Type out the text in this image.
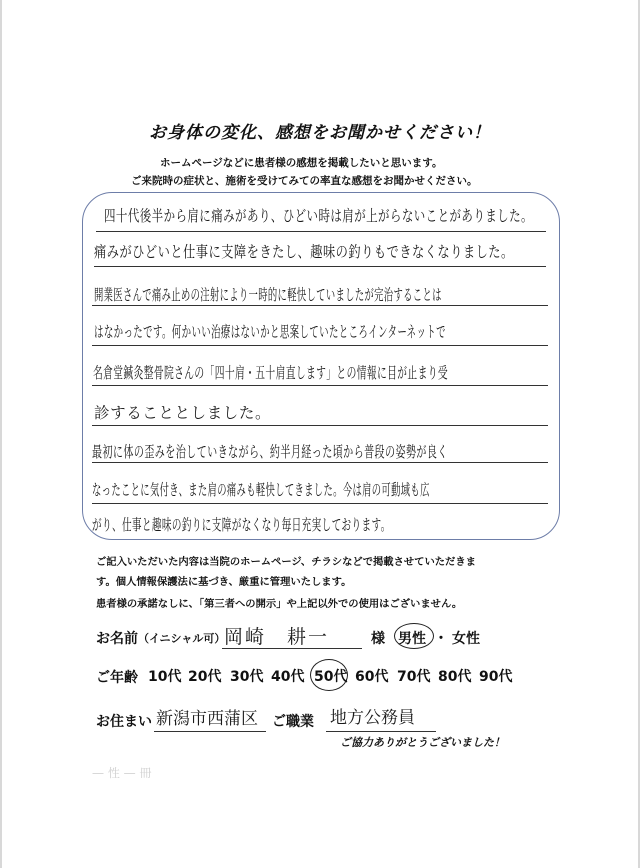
お身体の変化、感想をお聞かせください！
ホームページなどに患者様の感想を掲載したいと思います。
ご来院時の症状と、施術を受けてみての率直な感想をお聞かせください。
四十代後半から肩に痛みがあり、ひどい時は肩が上がらないことがありました。
痛みがひどいと仕事に支障をきたし、趣味の釣りもできなくなりました。
開業医さんで痛み止めの注射により一時的に軽快していましたが完治することは
はなかったです。何かいい治療はないかと思案していたところインターネットで
名倉堂鍼灸整骨院さんの「四十肩・五十肩直します」との情報に目が止まり受
診することとしました。
最初に体の歪みを治していきながら、約半月経った頃から普段の姿勢が良く
なったことに気付き、また肩の痛みも軽快してきました。今は肩の可動域も広
がり、仕事と趣味の釣りに支障がなくなり毎日充実しております。
ご記入いただいた内容は当院のホームページ、チラシなどで掲載させていただきま
す。個人情報保護法に基づき、厳重に管理いたします。
患者様の承諾なしに、「第三者への開示」や上記以外での使用はございません。
お名前 （イニシャル可）
岡崎　耕一	様 男性 ・ 女性
ご年齢 10代 20代 30代 40代 50代 60代 70代 80代 90代
お住まい 新潟市西蒲区 ご職業 地方公務員
ご協力ありがとうございました！
— 性 — 冊
